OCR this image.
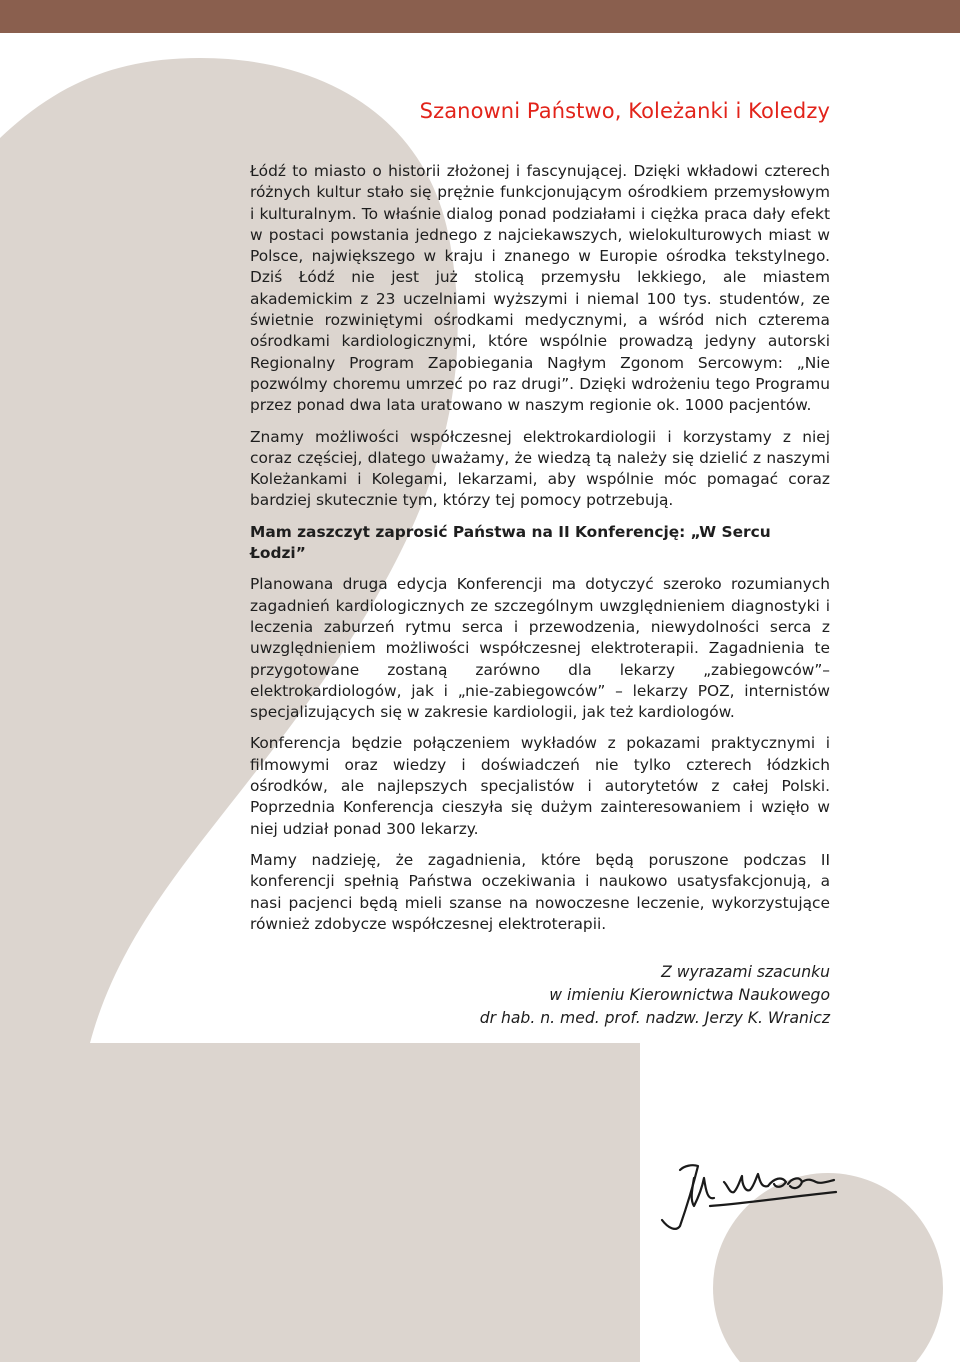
Szanowni Państwo, Koleżanki i Koledzy

Łódź to miasto o historii złożonej i fascynującej. Dzięki wkładowi czterech różnych kultur stało się prężnie funkcjonującym ośrodkiem przemysłowym i kulturalnym. To właśnie dialog ponad podziałami i ciężka praca dały efekt w postaci powstania jednego z najciekawszych, wielokulturowych miast w Polsce, największego w kraju i znanego w Europie ośrodka tekstylnego. Dziś Łódź nie jest już stolicą przemysłu lekkiego, ale miastem akademickim z 23 uczelniami wyższymi i niemal 100 tys. studentów, ze świetnie rozwiniętymi ośrodkami medycznymi, a wśród nich czterema ośrodkami kardiologicznymi, które wspólnie prowadzą jedyny autorski Regionalny Program Zapobiegania Nagłym Zgonom Sercowym: „Nie pozwólmy choremu umrzeć po raz drugi”. Dzięki wdrożeniu tego Programu przez ponad dwa lata uratowano w naszym regionie ok. 1000 pacjentów.

Znamy możliwości współczesnej elektrokardiologii i korzystamy z niej coraz częściej, dlatego uważamy, że wiedzą tą należy się dzielić z naszymi Koleżankami i Kolegami, lekarzami, aby wspólnie móc pomagać coraz bardziej skutecznie tym, którzy tej pomocy potrzebują.

Mam zaszczyt zaprosić Państwa na II Konferencję: „W Sercu Łodzi”

Planowana druga edycja Konferencji ma dotyczyć szeroko rozumianych zagadnień kardiologicznych ze szczególnym uwzględnieniem diagnostyki i leczenia zaburzeń rytmu serca i przewodzenia, niewydolności serca z uwzględnieniem możliwości współczesnej elektroterapii. Zagadnienia te przygotowane zostaną zarówno dla lekarzy „zabiegowców”– elektrokardiologów, jak i „nie-zabiegowców” – lekarzy POZ, internistów specjalizujących się w zakresie kardiologii, jak też kardiologów.

Konferencja będzie połączeniem wykładów z pokazami praktycznymi i filmowymi oraz wiedzy i doświadczeń nie tylko czterech łódzkich ośrodków, ale najlepszych specjalistów i autorytetów z całej Polski. Poprzednia Konferencja cieszyła się dużym zainteresowaniem i wzięło w niej udział ponad 300 lekarzy.

Mamy nadzieję, że zagadnienia, które będą poruszone podczas II konferencji spełnią Państwa oczekiwania i naukowo usatysfakcjonują, a nasi pacjenci będą mieli szanse na nowoczesne leczenie, wykorzystujące również zdobycze współczesnej elektroterapii.

Z wyrazami szacunku
w imieniu Kierownictwa Naukowego
dr hab. n. med. prof. nadzw. Jerzy K. Wranicz
